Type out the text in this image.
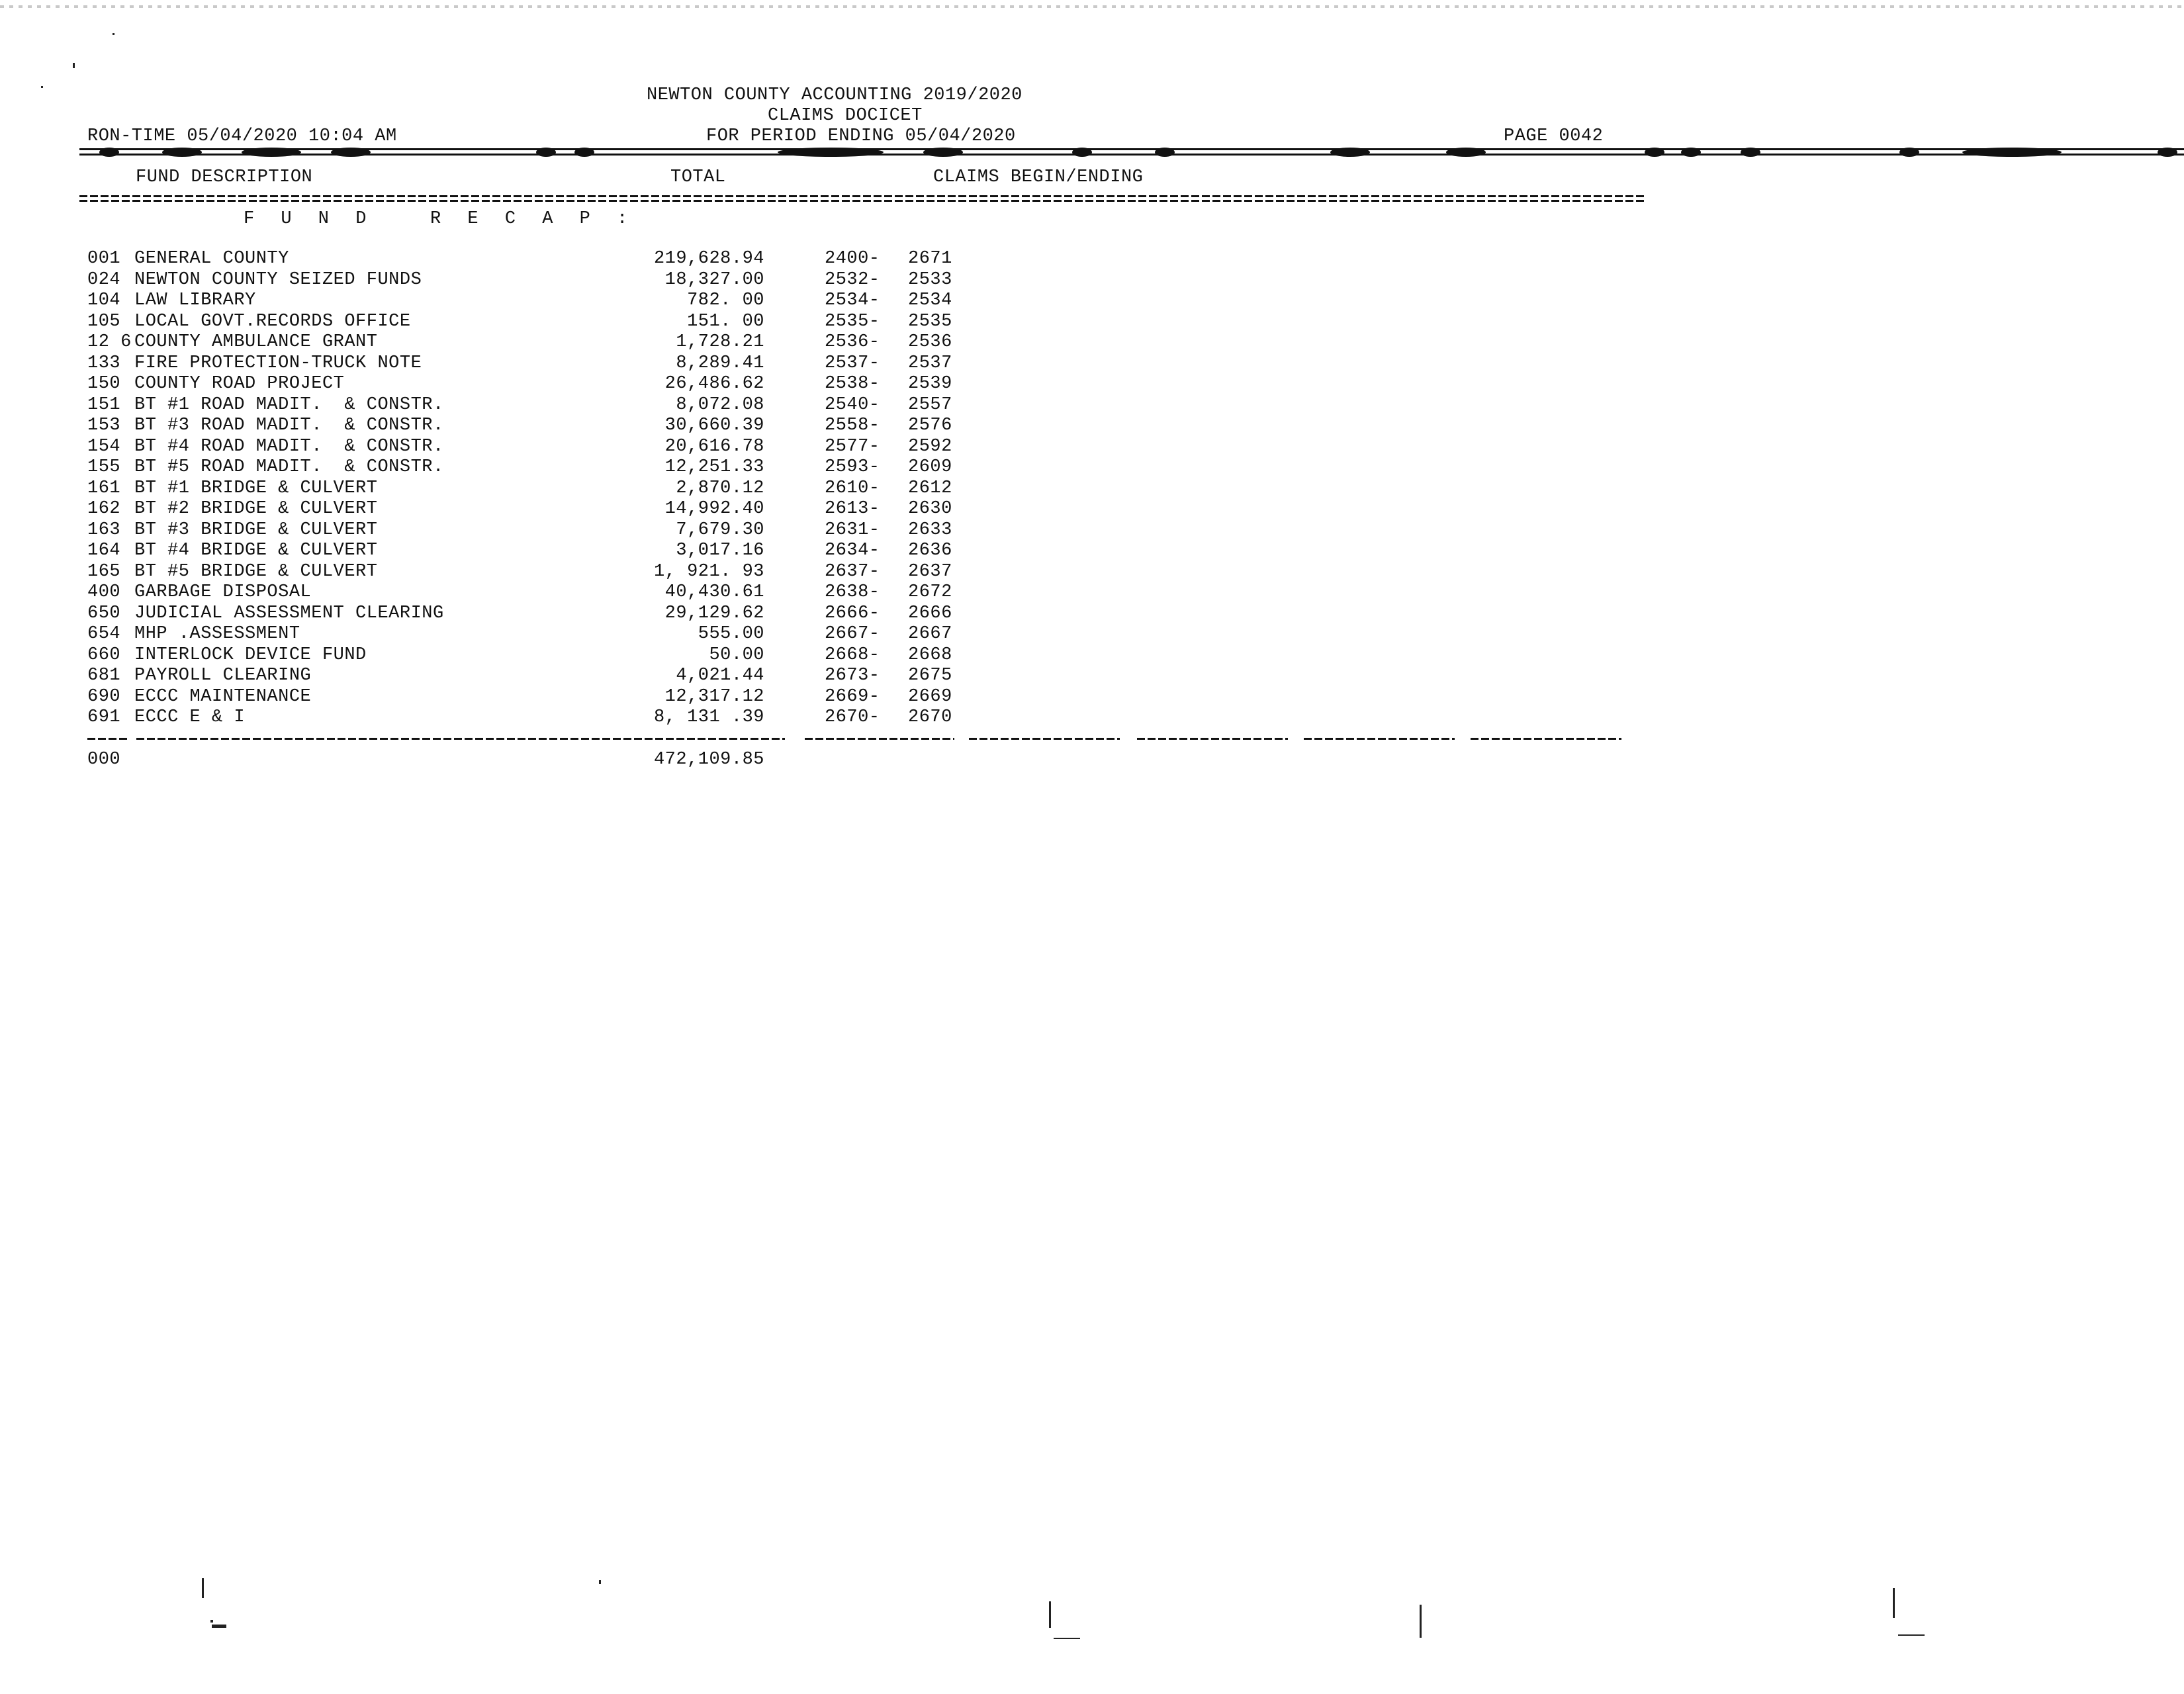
NEWTON COUNTY ACCOUNTING 2019/2020
CLAIMS DOCICET
RON-TIME 05/04/2020 10:04 AM	FOR PERIOD ENDING 05/04/2020	PAGE 0042
FUND DESCRIPTION	TOTAL	CLAIMS BEGIN/ENDING
F U N D   R E C A P :
001 GENERAL COUNTY	219,628.94	2400- 2671
024 NEWTON COUNTY SEIZED FUNDS	18,327.00	2532- 2533
104 LAW LIBRARY	782. 00	2534- 2534
105 LOCAL GOVT.RECORDS OFFICE	151. 00	2535- 2535
12 6 COUNTY AMBULANCE GRANT	1,728.21	2536- 2536
133 FIRE PROTECTION-TRUCK NOTE	8,289.41	2537- 2537
150 COUNTY ROAD PROJECT	26,486.62	2538- 2539
151 BT #1 ROAD MADIT.  & CONSTR.	8,072.08	2540- 2557
153 BT #3 ROAD MADIT.  & CONSTR.	30,660.39	2558- 2576
154 BT #4 ROAD MADIT.  & CONSTR.	20,616.78	2577- 2592
155 BT #5 ROAD MADIT.  & CONSTR.	12,251.33	2593- 2609
161 BT #1 BRIDGE & CULVERT	2,870.12	2610- 2612
162 BT #2 BRIDGE & CULVERT	14,992.40	2613- 2630
163 BT #3 BRIDGE & CULVERT	7,679.30	2631- 2633
164 BT #4 BRIDGE & CULVERT	3,017.16	2634- 2636
165 BT #5 BRIDGE & CULVERT	1, 921. 93	2637- 2637
400 GARBAGE DISPOSAL	40,430.61	2638- 2672
650 JUDICIAL ASSESSMENT CLEARING	29,129.62	2666- 2666
654 MHP .ASSESSMENT	555.00	2667- 2667
660 INTERLOCK DEVICE FUND	50.00	2668- 2668
681 PAYROLL CLEARING	4,021.44	2673- 2675
690 ECCC MAINTENANCE	12,317.12	2669- 2669
691 ECCC E & I	8, 131 .39	2670- 2670
000	472,109.85
